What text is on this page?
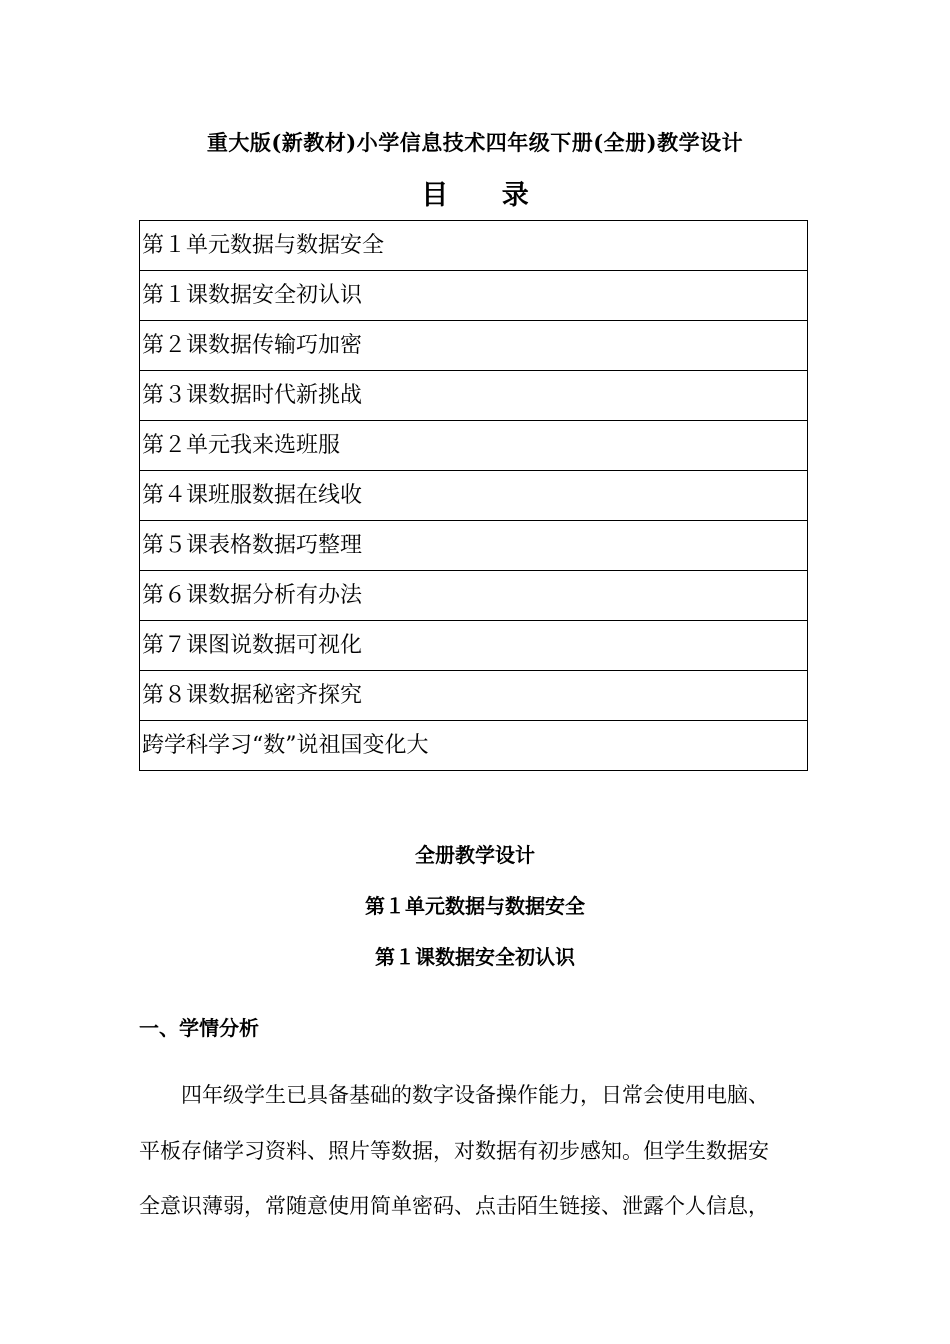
重大版(新教材)小学信息技术四年级下册(全册)教学设计
目 录
第１单元数据与数据安全
第１课数据安全初认识
第２课数据传输巧加密
第３课数据时代新挑战
第２单元我来选班服
第４课班服数据在线收
第５课表格数据巧整理
第６课数据分析有办法
第７课图说数据可视化
第８课数据秘密齐探究
跨学科学习“数”说祖国变化大
全册教学设计
第１单元数据与数据安全
第１课数据安全初认识
一、学情分析
　　四年级学生已具备基础的数字设备操作能力，日常会使用电脑、
平板存储学习资料、照片等数据，对数据有初步感知。但学生数据安
全意识薄弱，常随意使用简单密码、点击陌生链接、泄露个人信息，
